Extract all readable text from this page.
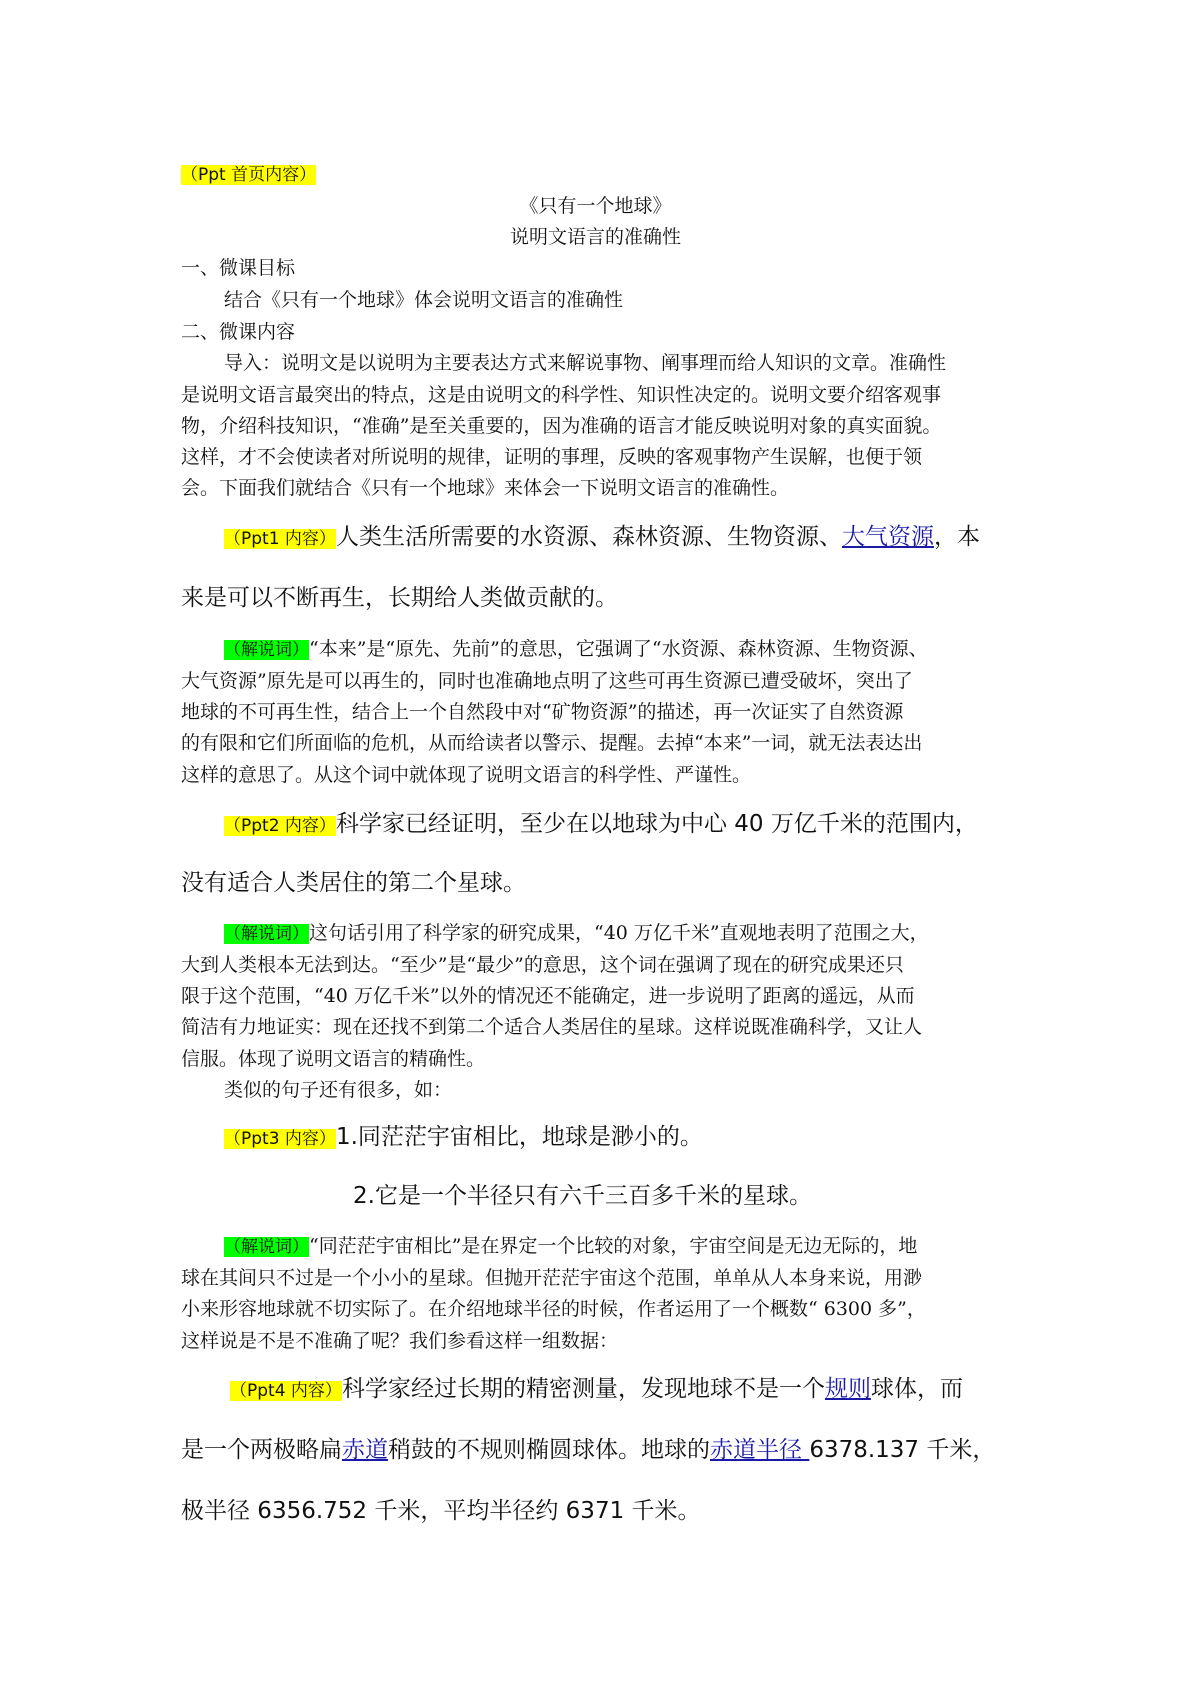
（Ppt 首页内容）
《只有一个地球》
说明文语言的准确性
一、微课目标
结合《只有一个地球》体会说明文语言的准确性
二、微课内容
导入：说明文是以说明为主要表达方式来解说事物、阐事理而给人知识的文章。准确性
是说明文语言最突出的特点，这是由说明文的科学性、知识性决定的。说明文要介绍客观事
物，介绍科技知识，“准确”是至关重要的，因为准确的语言才能反映说明对象的真实面貌。
这样，才不会使读者对所说明的规律，证明的事理，反映的客观事物产生误解，也便于领
会。下面我们就结合《只有一个地球》来体会一下说明文语言的准确性。
（Ppt1 内容）人类生活所需要的水资源、森林资源、生物资源、大气资源，本
来是可以不断再生，长期给人类做贡献的。
（解说词）“本来”是“原先、先前”的意思，它强调了“水资源、森林资源、生物资源、
大气资源”原先是可以再生的，同时也准确地点明了这些可再生资源已遭受破坏，突出了
地球的不可再生性，结合上一个自然段中对“矿物资源”的描述，再一次证实了自然资源
的有限和它们所面临的危机，从而给读者以警示、提醒。去掉“本来”一词，就无法表达出
这样的意思了。从这个词中就体现了说明文语言的科学性、严谨性。
（Ppt2 内容）科学家已经证明，至少在以地球为中心 40 万亿千米的范围内，
没有适合人类居住的第二个星球。
（解说词）这句话引用了科学家的研究成果，“40 万亿千米”直观地表明了范围之大，
大到人类根本无法到达。“至少”是“最少”的意思，这个词在强调了现在的研究成果还只
限于这个范围，“40 万亿千米”以外的情况还不能确定，进一步说明了距离的遥远，从而
简洁有力地证实：现在还找不到第二个适合人类居住的星球。这样说既准确科学，又让人
信服。体现了说明文语言的精确性。
类似的句子还有很多，如：
（Ppt3 内容）1.同茫茫宇宙相比，地球是渺小的。
2.它是一个半径只有六千三百多千米的星球。
（解说词）“同茫茫宇宙相比”是在界定一个比较的对象，宇宙空间是无边无际的，地
球在其间只不过是一个小小的星球。但抛开茫茫宇宙这个范围，单单从人本身来说，用渺
小来形容地球就不切实际了。在介绍地球半径的时候，作者运用了一个概数“ 6300 多”，
这样说是不是不准确了呢？我们参看这样一组数据：
（Ppt4 内容）科学家经过长期的精密测量，发现地球不是一个规则球体，而
是一个两极略扁赤道稍鼓的不规则椭圆球体。地球的赤道半径 6378.137 千米，
极半径 6356.752 千米，平均半径约 6371 千米。
